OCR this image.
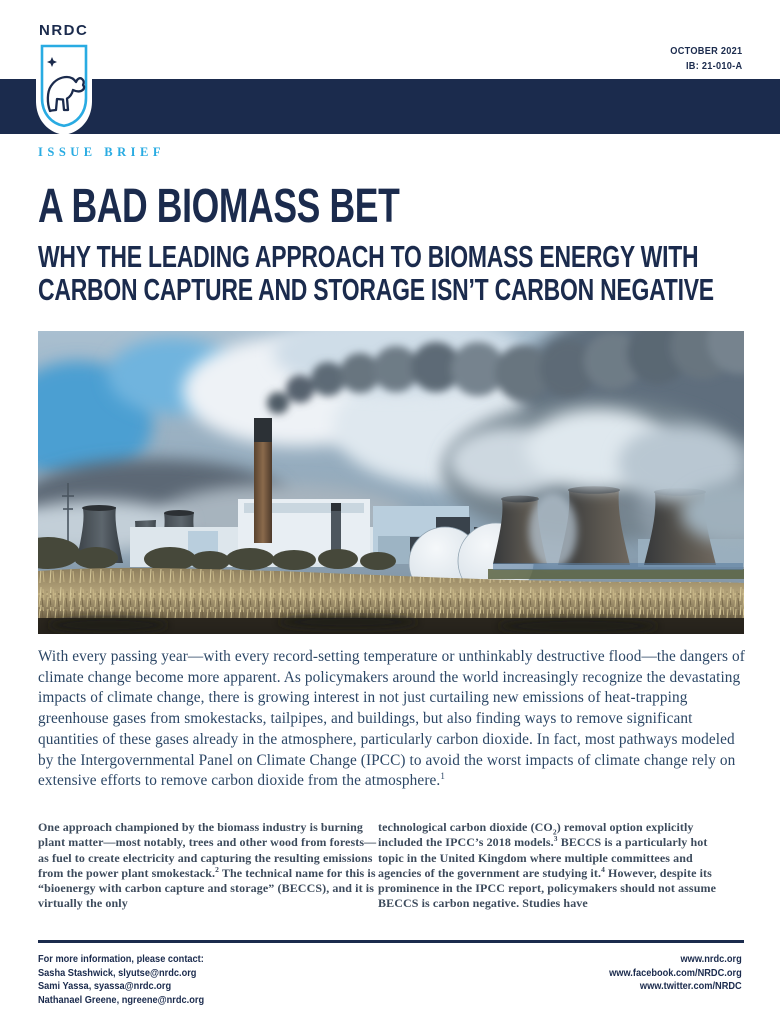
NRDC
OCTOBER 2021
IB: 21-010-A
ISSUE BRIEF
A BAD BIOMASS BET
WHY THE LEADING APPROACH TO BIOMASS ENERGY WITH
CARBON CAPTURE AND STORAGE ISN’T CARBON NEGATIVE

With every passing year—with every record-setting temperature or unthinkably destructive flood—the dangers of climate change become more apparent. As policymakers around the world increasingly recognize the devastating impacts of climate change, there is growing interest in not just curtailing new emissions of heat-trapping greenhouse gases from smokestacks, tailpipes, and buildings, but also finding ways to remove significant quantities of these gases already in the atmosphere, particularly carbon dioxide. In fact, most pathways modeled by the Intergovernmental Panel on Climate Change (IPCC) to avoid the worst impacts of climate change rely on extensive efforts to remove carbon dioxide from the atmosphere.$^1$

One approach championed by the biomass industry is burning plant matter—most notably, trees and other wood from forests—as fuel to create electricity and capturing the resulting emissions from the power plant smokestack.$^2$ The technical name for this is “bioenergy with carbon capture and storage” (BECCS), and it is virtually the only

technological carbon dioxide $(CO_2)$ removal option explicitly included the IPCC’s 2018 models.$^3$ BECCS is a particularly hot topic in the United Kingdom where multiple committees and agencies of the government are studying it.$^4$ However, despite its prominence in the IPCC report, policymakers should not assume BECCS is carbon negative. Studies have

For more information, please contact:
Sasha Stashwick, slyutse@nrdc.org
Sami Yassa, syassa@nrdc.org
Nathanael Greene, ngreene@nrdc.org
www.nrdc.org
www.facebook.com/NRDC.org
www.twitter.com/NRDC
